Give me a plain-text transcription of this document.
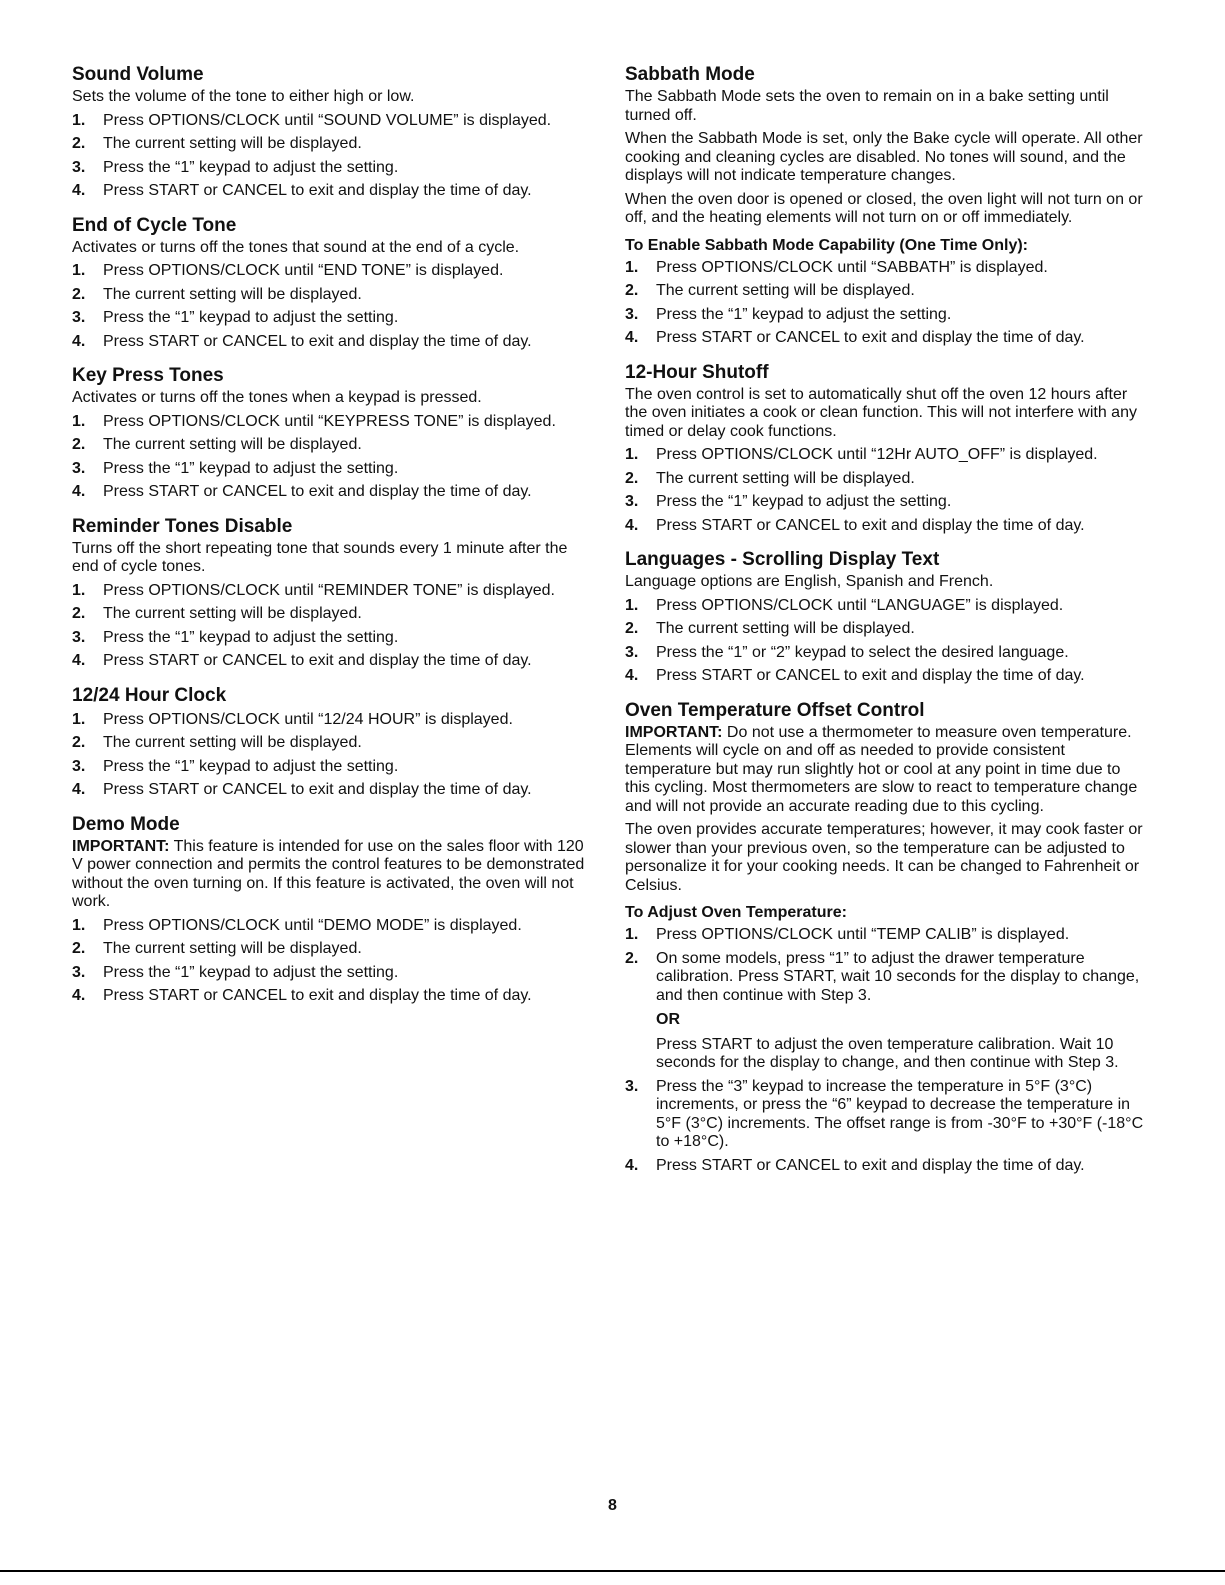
Sound Volume

Sets the volume of the tone to either high or low.

1. Press OPTIONS/CLOCK until “SOUND VOLUME” is displayed.
2. The current setting will be displayed.
3. Press the “1” keypad to adjust the setting.
4. Press START or CANCEL to exit and display the time of day.
End of Cycle Tone

Activates or turns off the tones that sound at the end of a cycle.

1. Press OPTIONS/CLOCK until “END TONE” is displayed.
2. The current setting will be displayed.
3. Press the “1” keypad to adjust the setting.
4. Press START or CANCEL to exit and display the time of day.
Key Press Tones

Activates or turns off the tones when a keypad is pressed.

1. Press OPTIONS/CLOCK until “KEYPRESS TONE” is displayed.
2. The current setting will be displayed.
3. Press the “1” keypad to adjust the setting.
4. Press START or CANCEL to exit and display the time of day.
Reminder Tones Disable

Turns off the short repeating tone that sounds every 1 minute after the end of cycle tones.

1. Press OPTIONS/CLOCK until “REMINDER TONE” is displayed.
2. The current setting will be displayed.
3. Press the “1” keypad to adjust the setting.
4. Press START or CANCEL to exit and display the time of day.
12/24 Hour Clock
1. Press OPTIONS/CLOCK until “12/24 HOUR” is displayed.
2. The current setting will be displayed.
3. Press the “1” keypad to adjust the setting.
4. Press START or CANCEL to exit and display the time of day.
Demo Mode

IMPORTANT: This feature is intended for use on the sales floor with 120 V power connection and permits the control features to be demonstrated without the oven turning on. If this feature is activated, the oven will not work.

1. Press OPTIONS/CLOCK until “DEMO MODE” is displayed.
2. The current setting will be displayed.
3. Press the “1” keypad to adjust the setting.
4. Press START or CANCEL to exit and display the time of day.
Sabbath Mode

The Sabbath Mode sets the oven to remain on in a bake setting until turned off.

When the Sabbath Mode is set, only the Bake cycle will operate. All other cooking and cleaning cycles are disabled. No tones will sound, and the displays will not indicate temperature changes.

When the oven door is opened or closed, the oven light will not turn on or off, and the heating elements will not turn on or off immediately.

To Enable Sabbath Mode Capability (One Time Only):
1. Press OPTIONS/CLOCK until “SABBATH” is displayed.
2. The current setting will be displayed.
3. Press the “1” keypad to adjust the setting.
4. Press START or CANCEL to exit and display the time of day.
12-Hour Shutoff

The oven control is set to automatically shut off the oven 12 hours after the oven initiates a cook or clean function. This will not interfere with any timed or delay cook functions.

1. Press OPTIONS/CLOCK until “12Hr AUTO_OFF” is displayed.
2. The current setting will be displayed.
3. Press the “1” keypad to adjust the setting.
4. Press START or CANCEL to exit and display the time of day.
Languages - Scrolling Display Text

Language options are English, Spanish and French.

1. Press OPTIONS/CLOCK until “LANGUAGE” is displayed.
2. The current setting will be displayed.
3. Press the “1” or “2” keypad to select the desired language.
4. Press START or CANCEL to exit and display the time of day.
Oven Temperature Offset Control

IMPORTANT: Do not use a thermometer to measure oven temperature. Elements will cycle on and off as needed to provide consistent temperature but may run slightly hot or cool at any point in time due to this cycling. Most thermometers are slow to react to temperature change and will not provide an accurate reading due to this cycling.

The oven provides accurate temperatures; however, it may cook faster or slower than your previous oven, so the temperature can be adjusted to personalize it for your cooking needs. It can be changed to Fahrenheit or Celsius.

To Adjust Oven Temperature:
1. Press OPTIONS/CLOCK until “TEMP CALIB” is displayed.
2. On some models, press “1” to adjust the drawer temperature calibration. Press START, wait 10 seconds for the display to change, and then continue with Step 3.
OR
Press START to adjust the oven temperature calibration. Wait 10 seconds for the display to change, and then continue with Step 3.
3. Press the “3” keypad to increase the temperature in 5°F (3°C) increments, or press the “6” keypad to decrease the temperature in 5°F (3°C) increments. The offset range is from -30°F to +30°F (-18°C to +18°C).
4. Press START or CANCEL to exit and display the time of day.
8
